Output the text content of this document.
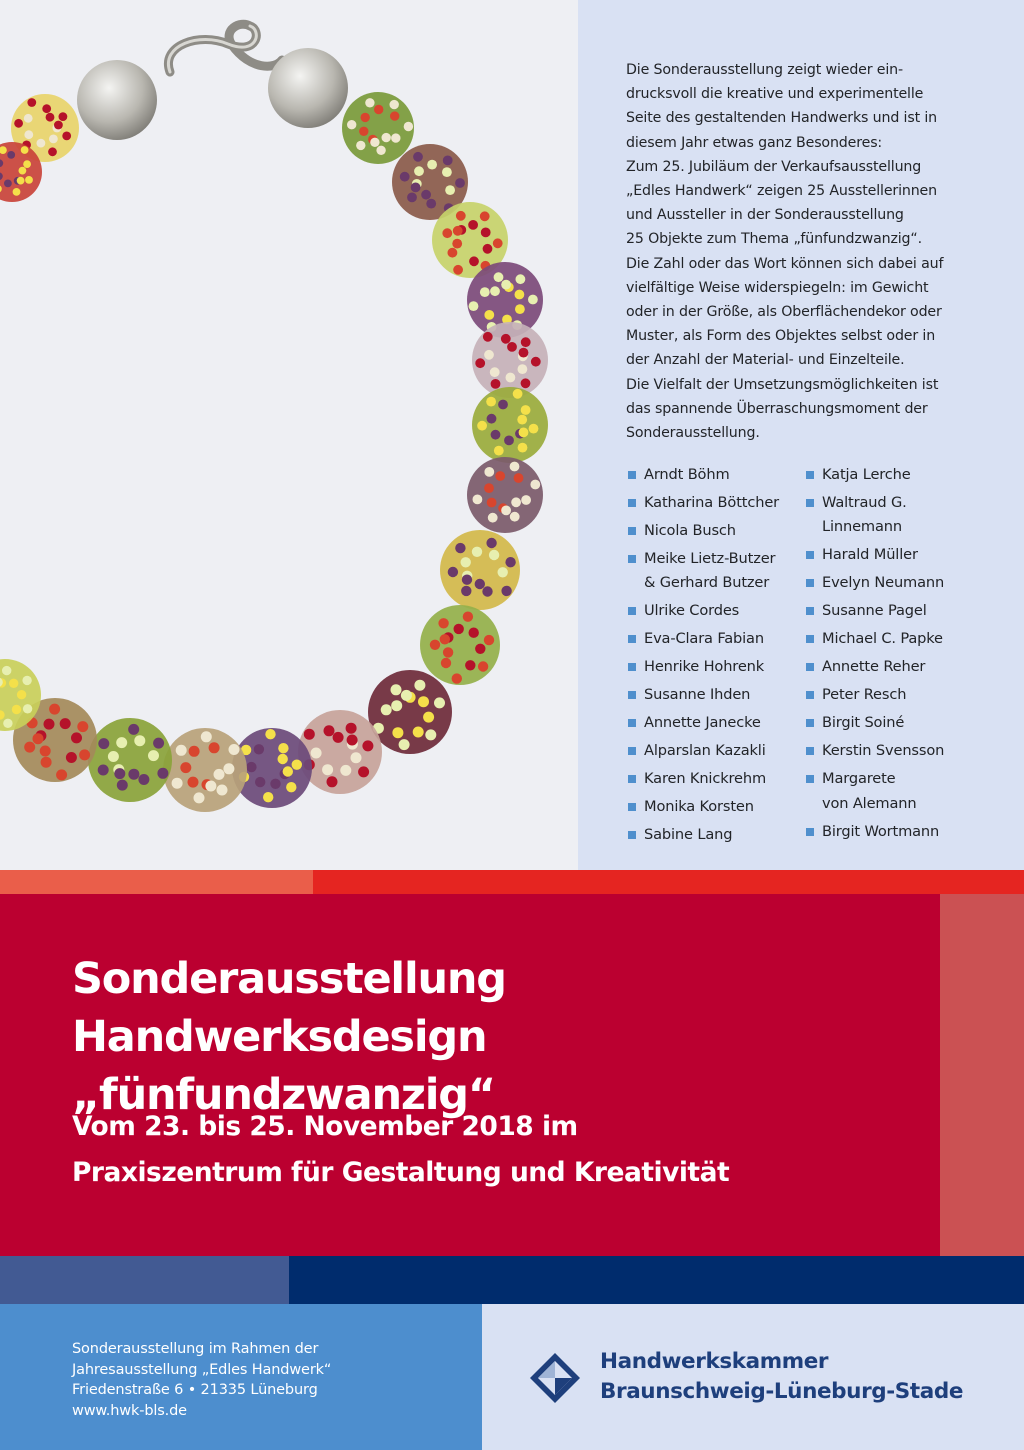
Die Sonderausstellung zeigt wieder ein-
drucksvoll die kreative und experimentelle
Seite des gestaltenden Handwerks und ist in
diesem Jahr etwas ganz Besonderes:
Zum 25. Jubiläum der Verkaufsausstellung
„Edles Handwerk“ zeigen 25 Ausstellerinnen
und Aussteller in der Sonderausstellung
25 Objekte zum Thema „fünfundzwanzig“.
Die Zahl oder das Wort können sich dabei auf
vielfältige Weise widerspiegeln: im Gewicht
oder in der Größe, als Oberflächendekor oder
Muster, als Form des Objektes selbst oder in
der Anzahl der Material- und Einzelteile.
Die Vielfalt der Umsetzungsmöglichkeiten ist
das spannende Überraschungsmoment der
Sonderausstellung.

Arndt Böhm
Katharina Böttcher
Nicola Busch
Meike Lietz-Butzer
& Gerhard Butzer
Ulrike Cordes
Eva-Clara Fabian
Henrike Hohrenk
Susanne Ihden
Annette Janecke
Alparslan Kazakli
Karen Knickrehm
Monika Korsten
Sabine Lang
Katja Lerche
Waltraud G.
Linnemann
Harald Müller
Evelyn Neumann
Susanne Pagel
Michael C. Papke
Annette Reher
Peter Resch
Birgit Soiné
Kerstin Svensson
Margarete
von Alemann
Birgit Wortmann
Sonderausstellung Handwerksdesign
„fünfundzwanzig“
Vom 23. bis 25. November 2018 im
Praxiszentrum für Gestaltung und Kreativität

Sonderausstellung im Rahmen der
Jahresausstellung „Edles Handwerk“
Friedenstraße 6 • 21335 Lüneburg
www.hwk-bls.de

Handwerkskammer
Braunschweig-Lüneburg-Stade
